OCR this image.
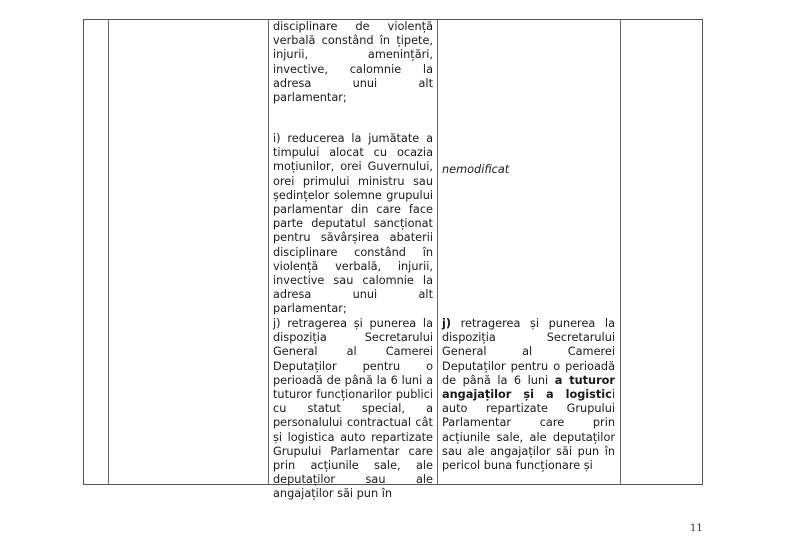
disciplinare de violență verbală constând în țipete, injurii, amenințări, invective, calomnie la adresa unui alt parlamentar;
i) reducerea la jumătate a timpului alocat cu ocazia moțiunilor, orei Guvernului, orei primului ministru sau ședințelor solemne grupului parlamentar din care face parte deputatul sancționat pentru săvârșirea abaterii disciplinare constând în violență verbală, injurii, invective sau calomnie la adresa unui alt parlamentar;
j) retragerea și punerea la dispoziția Secretarului General al Camerei Deputaților pentru o perioadă de până la 6 luni a tuturor funcționarilor publici cu statut special, a personalului contractual cât și logistica auto repartizate Grupului Parlamentar care prin acțiunile sale, ale deputaților sau ale angajaților săi pun în
nemodificat
j) retragerea și punerea la dispoziția Secretarului General al Camerei Deputaților pentru o perioadă de până la 6 luni a tuturor angajaților și a logistici auto repartizate Grupului Parlamentar care prin acțiunile sale, ale deputaților sau ale angajaților săi pun în pericol buna funcționare și
11
